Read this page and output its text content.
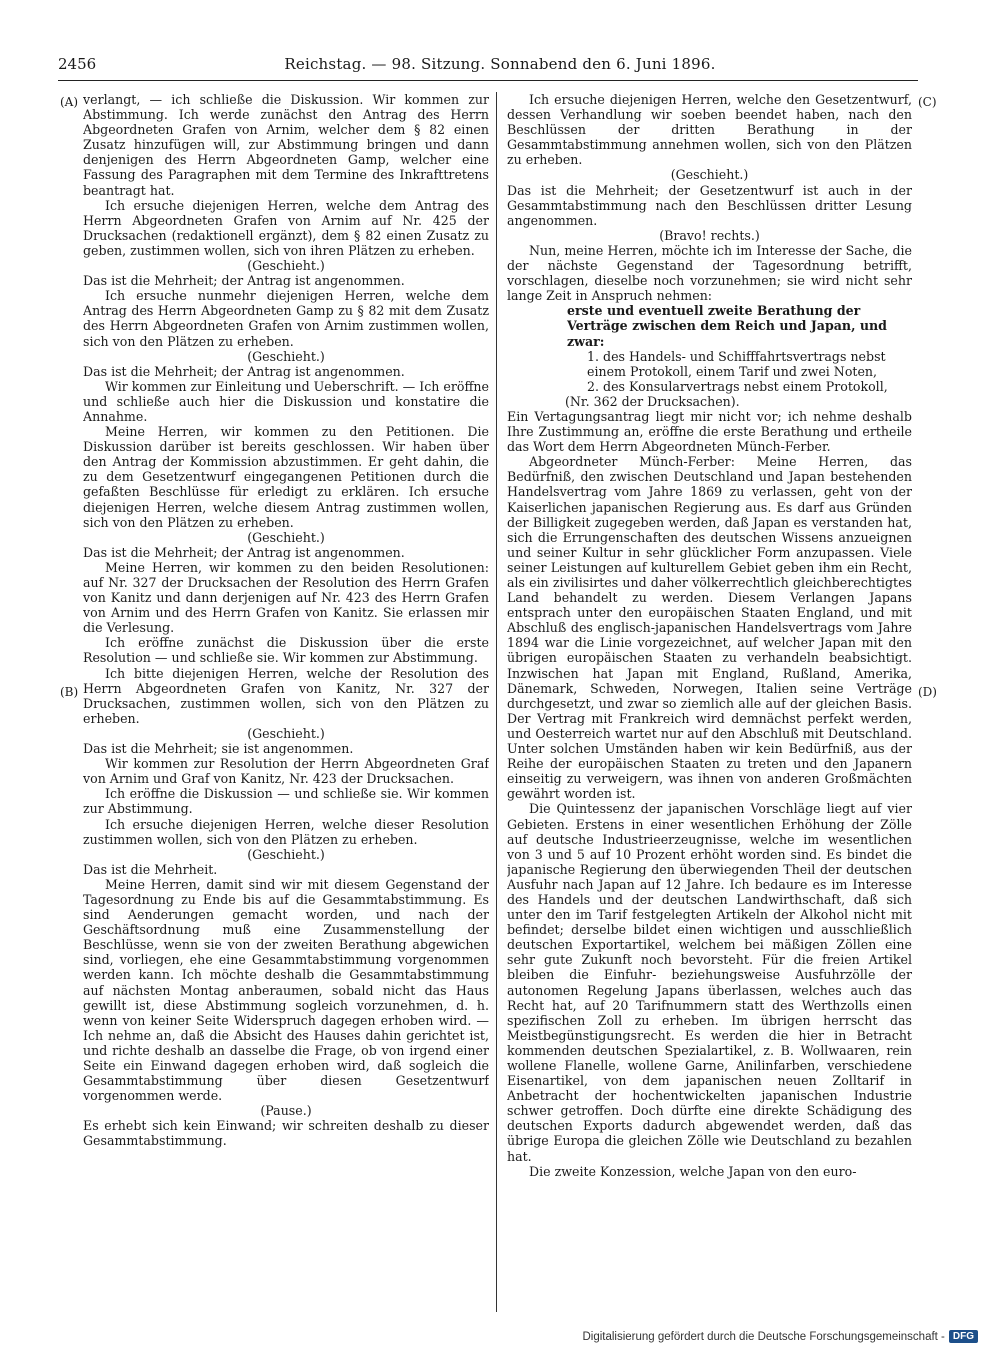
2456	Reichstag. — 98. Sitzung. Sonnabend den 6. Juni 1896.
(A)
(B)
(C)
(D)

verlangt, — ich schließe die Diskussion. Wir kommen zur Abstimmung. Ich werde zunächst den Antrag des Herrn Abgeordneten Grafen von Arnim, welcher dem § 82 einen Zusatz hinzufügen will, zur Abstimmung bringen und dann denjenigen des Herrn Abgeordneten Gamp, welcher eine Fassung des Paragraphen mit dem Termine des Inkrafttretens beantragt hat.

Ich ersuche diejenigen Herren, welche dem Antrag des Herrn Abgeordneten Grafen von Arnim auf Nr. 425 der Drucksachen (redaktionell ergänzt), dem § 82 einen Zusatz zu geben, zustimmen wollen, sich von ihren Plätzen zu erheben.

(Geschieht.)

Das ist die Mehrheit; der Antrag ist angenommen.

Ich ersuche nunmehr diejenigen Herren, welche dem Antrag des Herrn Abgeordneten Gamp zu § 82 mit dem Zusatz des Herrn Abgeordneten Grafen von Arnim zustimmen wollen, sich von den Plätzen zu erheben.

(Geschieht.)

Das ist die Mehrheit; der Antrag ist angenommen.

Wir kommen zur Einleitung und Ueberschrift. — Ich eröffne und schließe auch hier die Diskussion und konstatire die Annahme.

Meine Herren, wir kommen zu den Petitionen. Die Diskussion darüber ist bereits geschlossen. Wir haben über den Antrag der Kommission abzustimmen. Er geht dahin, die zu dem Gesetzentwurf eingegangenen Petitionen durch die gefaßten Beschlüsse für erledigt zu erklären. Ich ersuche diejenigen Herren, welche diesem Antrag zustimmen wollen, sich von den Plätzen zu erheben.

(Geschieht.)

Das ist die Mehrheit; der Antrag ist angenommen.

Meine Herren, wir kommen zu den beiden Resolutionen: auf Nr. 327 der Drucksachen der Resolution des Herrn Grafen von Kanitz und dann derjenigen auf Nr. 423 des Herrn Grafen von Arnim und des Herrn Grafen von Kanitz. Sie erlassen mir die Verlesung.

Ich eröffne zunächst die Diskussion über die erste Resolution — und schließe sie. Wir kommen zur Abstimmung.

Ich bitte diejenigen Herren, welche der Resolution des Herrn Abgeordneten Grafen von Kanitz, Nr. 327 der Drucksachen, zustimmen wollen, sich von den Plätzen zu erheben.

(Geschieht.)

Das ist die Mehrheit; sie ist angenommen.

Wir kommen zur Resolution der Herrn Abgeordneten Graf von Arnim und Graf von Kanitz, Nr. 423 der Drucksachen.

Ich eröffne die Diskussion — und schließe sie. Wir kommen zur Abstimmung.

Ich ersuche diejenigen Herren, welche dieser Resolution zustimmen wollen, sich von den Plätzen zu erheben.

(Geschieht.)

Das ist die Mehrheit.

Meine Herren, damit sind wir mit diesem Gegenstand der Tagesordnung zu Ende bis auf die Gesammtabstimmung. Es sind Aenderungen gemacht worden, und nach der Geschäftsordnung muß eine Zusammenstellung der Beschlüsse, wenn sie von der zweiten Berathung abgewichen sind, vorliegen, ehe eine Gesammtabstimmung vorgenommen werden kann. Ich möchte deshalb die Gesammtabstimmung auf nächsten Montag anberaumen, sobald nicht das Haus gewillt ist, diese Abstimmung sogleich vorzunehmen, d. h. wenn von keiner Seite Widerspruch dagegen erhoben wird. — Ich nehme an, daß die Absicht des Hauses dahin gerichtet ist, und richte deshalb an dasselbe die Frage, ob von irgend einer Seite ein Einwand dagegen erhoben wird, daß sogleich die Gesammtabstimmung über diesen Gesetzentwurf vorgenommen werde.

(Pause.)

Es erhebt sich kein Einwand; wir schreiten deshalb zu dieser Gesammtabstimmung.

Ich ersuche diejenigen Herren, welche den Gesetzentwurf, dessen Verhandlung wir soeben beendet haben, nach den Beschlüssen der dritten Berathung in der Gesammtabstimmung annehmen wollen, sich von den Plätzen zu erheben.

(Geschieht.)

Das ist die Mehrheit; der Gesetzentwurf ist auch in der Gesammtabstimmung nach den Beschlüssen dritter Lesung angenommen.

(Bravo! rechts.)

Nun, meine Herren, möchte ich im Interesse der Sache, die der nächste Gegenstand der Tagesordnung betrifft, vorschlagen, dieselbe noch vorzunehmen; sie wird nicht sehr lange Zeit in Anspruch nehmen:

erste und eventuell zweite Berathung der Verträge zwischen dem Reich und Japan, und zwar:

1. des Handels- und Schifffahrtsvertrags nebst einem Protokoll, einem Tarif und zwei Noten,

2. des Konsularvertrags nebst einem Protokoll,

(Nr. 362 der Drucksachen).

Ein Vertagungsantrag liegt mir nicht vor; ich nehme deshalb Ihre Zustimmung an, eröffne die erste Berathung und ertheile das Wort dem Herrn Abgeordneten Münch-Ferber.

Abgeordneter Münch-Ferber: Meine Herren, das Bedürfniß, den zwischen Deutschland und Japan bestehenden Handelsvertrag vom Jahre 1869 zu verlassen, geht von der Kaiserlichen japanischen Regierung aus. Es darf aus Gründen der Billigkeit zugegeben werden, daß Japan es verstanden hat, sich die Errungenschaften des deutschen Wissens anzueignen und seiner Kultur in sehr glücklicher Form anzupassen. Viele seiner Leistungen auf kulturellem Gebiet geben ihm ein Recht, als ein zivilisirtes und daher völkerrechtlich gleichberechtigtes Land behandelt zu werden. Diesem Verlangen Japans entsprach unter den europäischen Staaten England, und mit Abschluß des englisch-japanischen Handelsvertrags vom Jahre 1894 war die Linie vorgezeichnet, auf welcher Japan mit den übrigen europäischen Staaten zu verhandeln beabsichtigt. Inzwischen hat Japan mit England, Rußland, Amerika, Dänemark, Schweden, Norwegen, Italien seine Verträge durchgesetzt, und zwar so ziemlich alle auf der gleichen Basis. Der Vertrag mit Frankreich wird demnächst perfekt werden, und Oesterreich wartet nur auf den Abschluß mit Deutschland. Unter solchen Umständen haben wir kein Bedürfniß, aus der Reihe der europäischen Staaten zu treten und den Japanern einseitig zu verweigern, was ihnen von anderen Großmächten gewährt worden ist.

Die Quintessenz der japanischen Vorschläge liegt auf vier Gebieten. Erstens in einer wesentlichen Erhöhung der Zölle auf deutsche Industrieerzeugnisse, welche im wesentlichen von 3 und 5 auf 10 Prozent erhöht worden sind. Es bindet die japanische Regierung den überwiegenden Theil der deutschen Ausfuhr nach Japan auf 12 Jahre. Ich bedaure es im Interesse des Handels und der deutschen Landwirthschaft, daß sich unter den im Tarif festgelegten Artikeln der Alkohol nicht mit befindet; derselbe bildet einen wichtigen und ausschließlich deutschen Exportartikel, welchem bei mäßigen Zöllen eine sehr gute Zukunft noch bevorsteht. Für die freien Artikel bleiben die Einfuhr- beziehungsweise Ausfuhrzölle der autonomen Regelung Japans überlassen, welches auch das Recht hat, auf 20 Tarifnummern statt des Werthzolls einen spezifischen Zoll zu erheben. Im übrigen herrscht das Meistbegünstigungsrecht. Es werden die hier in Betracht kommenden deutschen Spezialartikel, z. B. Wollwaaren, rein wollene Flanelle, wollene Garne, Anilinfarben, verschiedene Eisenartikel, von dem japanischen neuen Zolltarif in Anbetracht der hochentwickelten japanischen Industrie schwer getroffen. Doch dürfte eine direkte Schädigung des deutschen Exports dadurch abgewendet werden, daß das übrige Europa die gleichen Zölle wie Deutschland zu bezahlen hat.

Die zweite Konzession, welche Japan von den euro-

Digitalisierung gefördert durch die Deutsche Forschungsgemeinschaft - DFG
